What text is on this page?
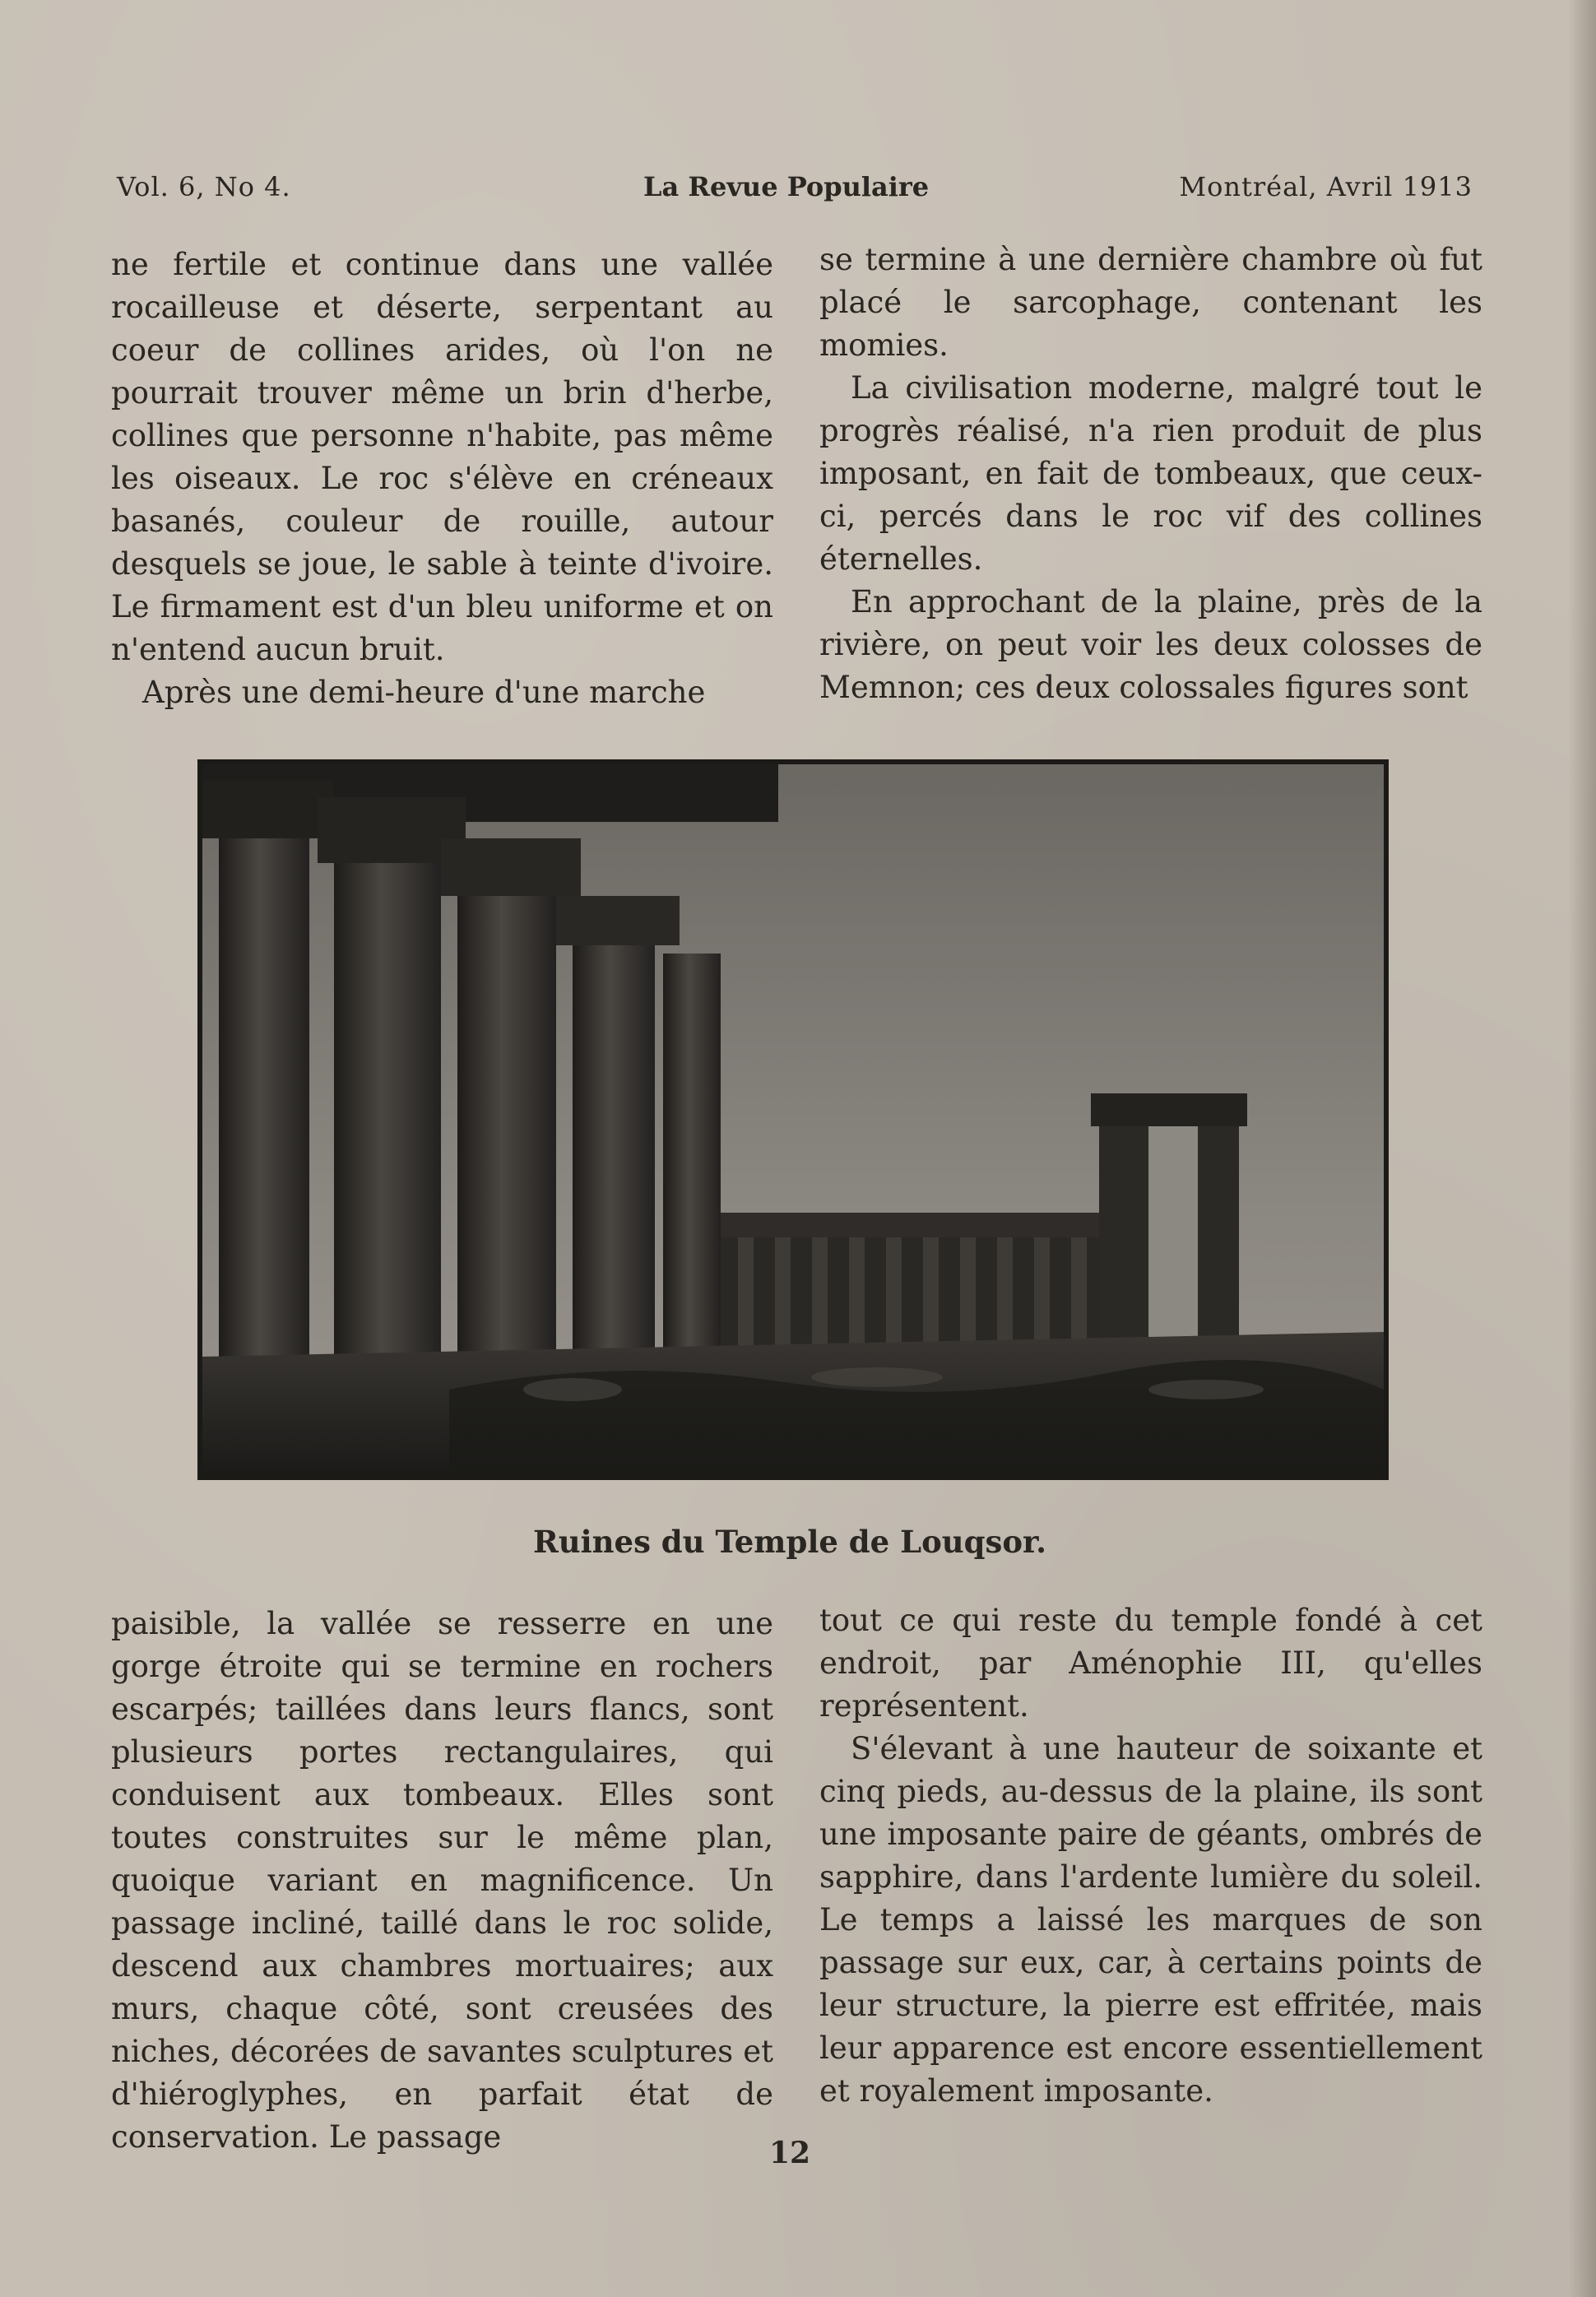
Vol. 6, No 4.	La Revue Populaire	Montréal, Avril 1913

ne fertile et continue dans une vallée rocailleuse et déserte, serpentant au coeur de collines arides, où l'on ne pourrait trouver même un brin d'herbe, collines que personne n'habite, pas même les oiseaux. Le roc s'élève en créneaux basanés, couleur de rouille, autour desquels se joue, le sable à teinte d'ivoire. Le firmament est d'un bleu uniforme et on n'entend aucun bruit.

Après une demi-heure d'une marche

se termine à une dernière chambre où fut placé le sarcophage, contenant les momies.

La civilisation moderne, malgré tout le progrès réalisé, n'a rien produit de plus imposant, en fait de tombeaux, que ceux-ci, percés dans le roc vif des collines éternelles.

En approchant de la plaine, près de la rivière, on peut voir les deux colosses de Memnon; ces deux colossales figures sont

Ruines du Temple de Louqsor.

paisible, la vallée se resserre en une gorge étroite qui se termine en rochers escarpés; taillées dans leurs flancs, sont plusieurs portes rectangulaires, qui conduisent aux tombeaux. Elles sont toutes construites sur le même plan, quoique variant en magnificence. Un passage incliné, taillé dans le roc solide, descend aux chambres mortuaires; aux murs, chaque côté, sont creusées des niches, décorées de savantes sculptures et d'hiéroglyphes, en parfait état de conservation. Le passage

tout ce qui reste du temple fondé à cet endroit, par Aménophie III, qu'elles représentent.

S'élevant à une hauteur de soixante et cinq pieds, au-dessus de la plaine, ils sont une imposante paire de géants, ombrés de sapphire, dans l'ardente lumière du soleil. Le temps a laissé les marques de son passage sur eux, car, à certains points de leur structure, la pierre est effritée, mais leur apparence est encore essentiellement et royalement imposante.

12
